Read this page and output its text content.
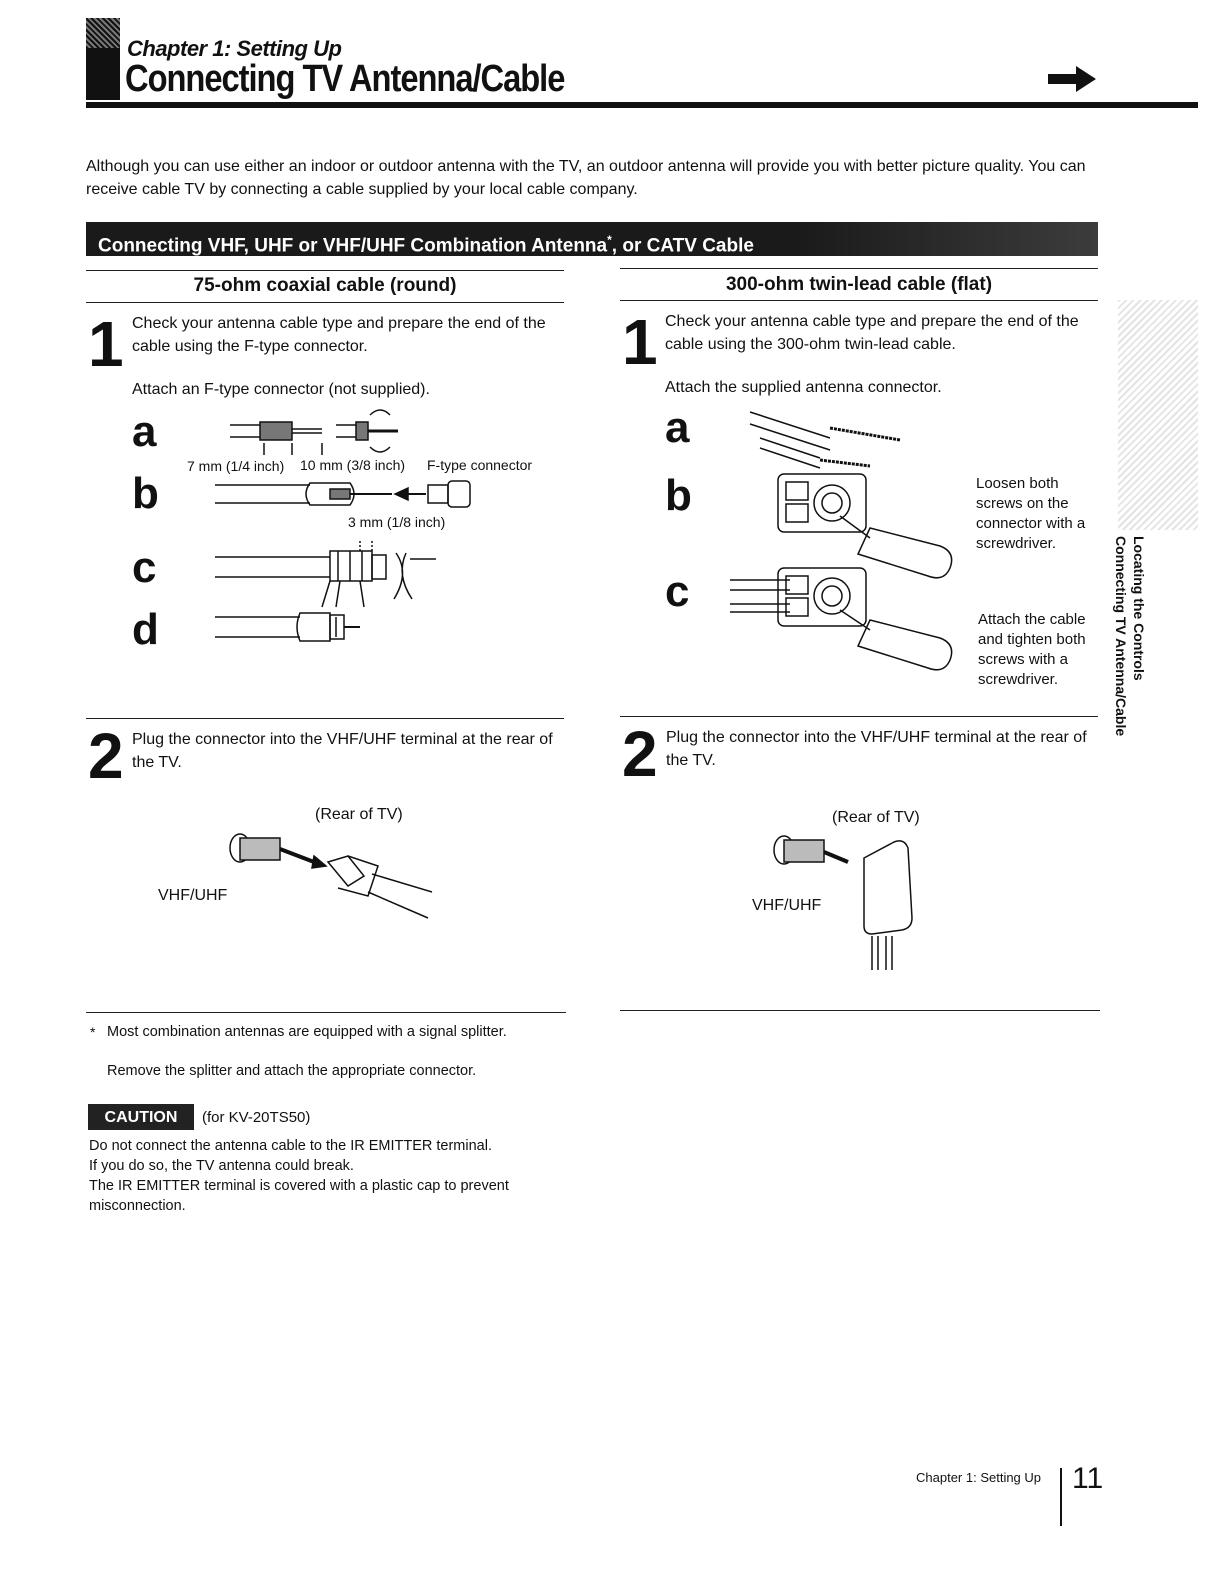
Chapter 1: Setting Up
Connecting TV Antenna/Cable
Although you can use either an indoor or outdoor antenna with the TV, an outdoor antenna will provide you with better picture quality. You can receive cable TV by connecting a cable supplied by your local cable company.
Connecting VHF, UHF or VHF/UHF Combination Antenna*, or CATV Cable
75-ohm coaxial cable (round)
1 Check your antenna cable type and prepare the end of the cable using the F-type connector.
Attach an F-type connector (not supplied).
a
b
c
d
7 mm (1/4 inch) 10 mm (3/8 inch) F-type connector
3 mm (1/8 inch)
2 Plug the connector into the VHF/UHF terminal at the rear of the TV.
(Rear of TV)
VHF/UHF
300-ohm twin-lead cable (flat)
1 Check your antenna cable type and prepare the end of the cable using the 300-ohm twin-lead cable.
Attach the supplied antenna connector.
a
b
c
Loosen both screws on the connector with a screwdriver.
Attach the cable and tighten both screws with a screwdriver.
2 Plug the connector into the VHF/UHF terminal at the rear of the TV.
(Rear of TV)
VHF/UHF
Locating the Controls
Connecting TV Antenna/Cable
* Most combination antennas are equipped with a signal splitter.
Remove the splitter and attach the appropriate connector.
CAUTION	(for KV-20TS50)
Do not connect the antenna cable to the IR EMITTER terminal.
If you do so, the TV antenna could break.
The IR EMITTER terminal is covered with a plastic cap to prevent misconnection.
Chapter 1: Setting Up 11
